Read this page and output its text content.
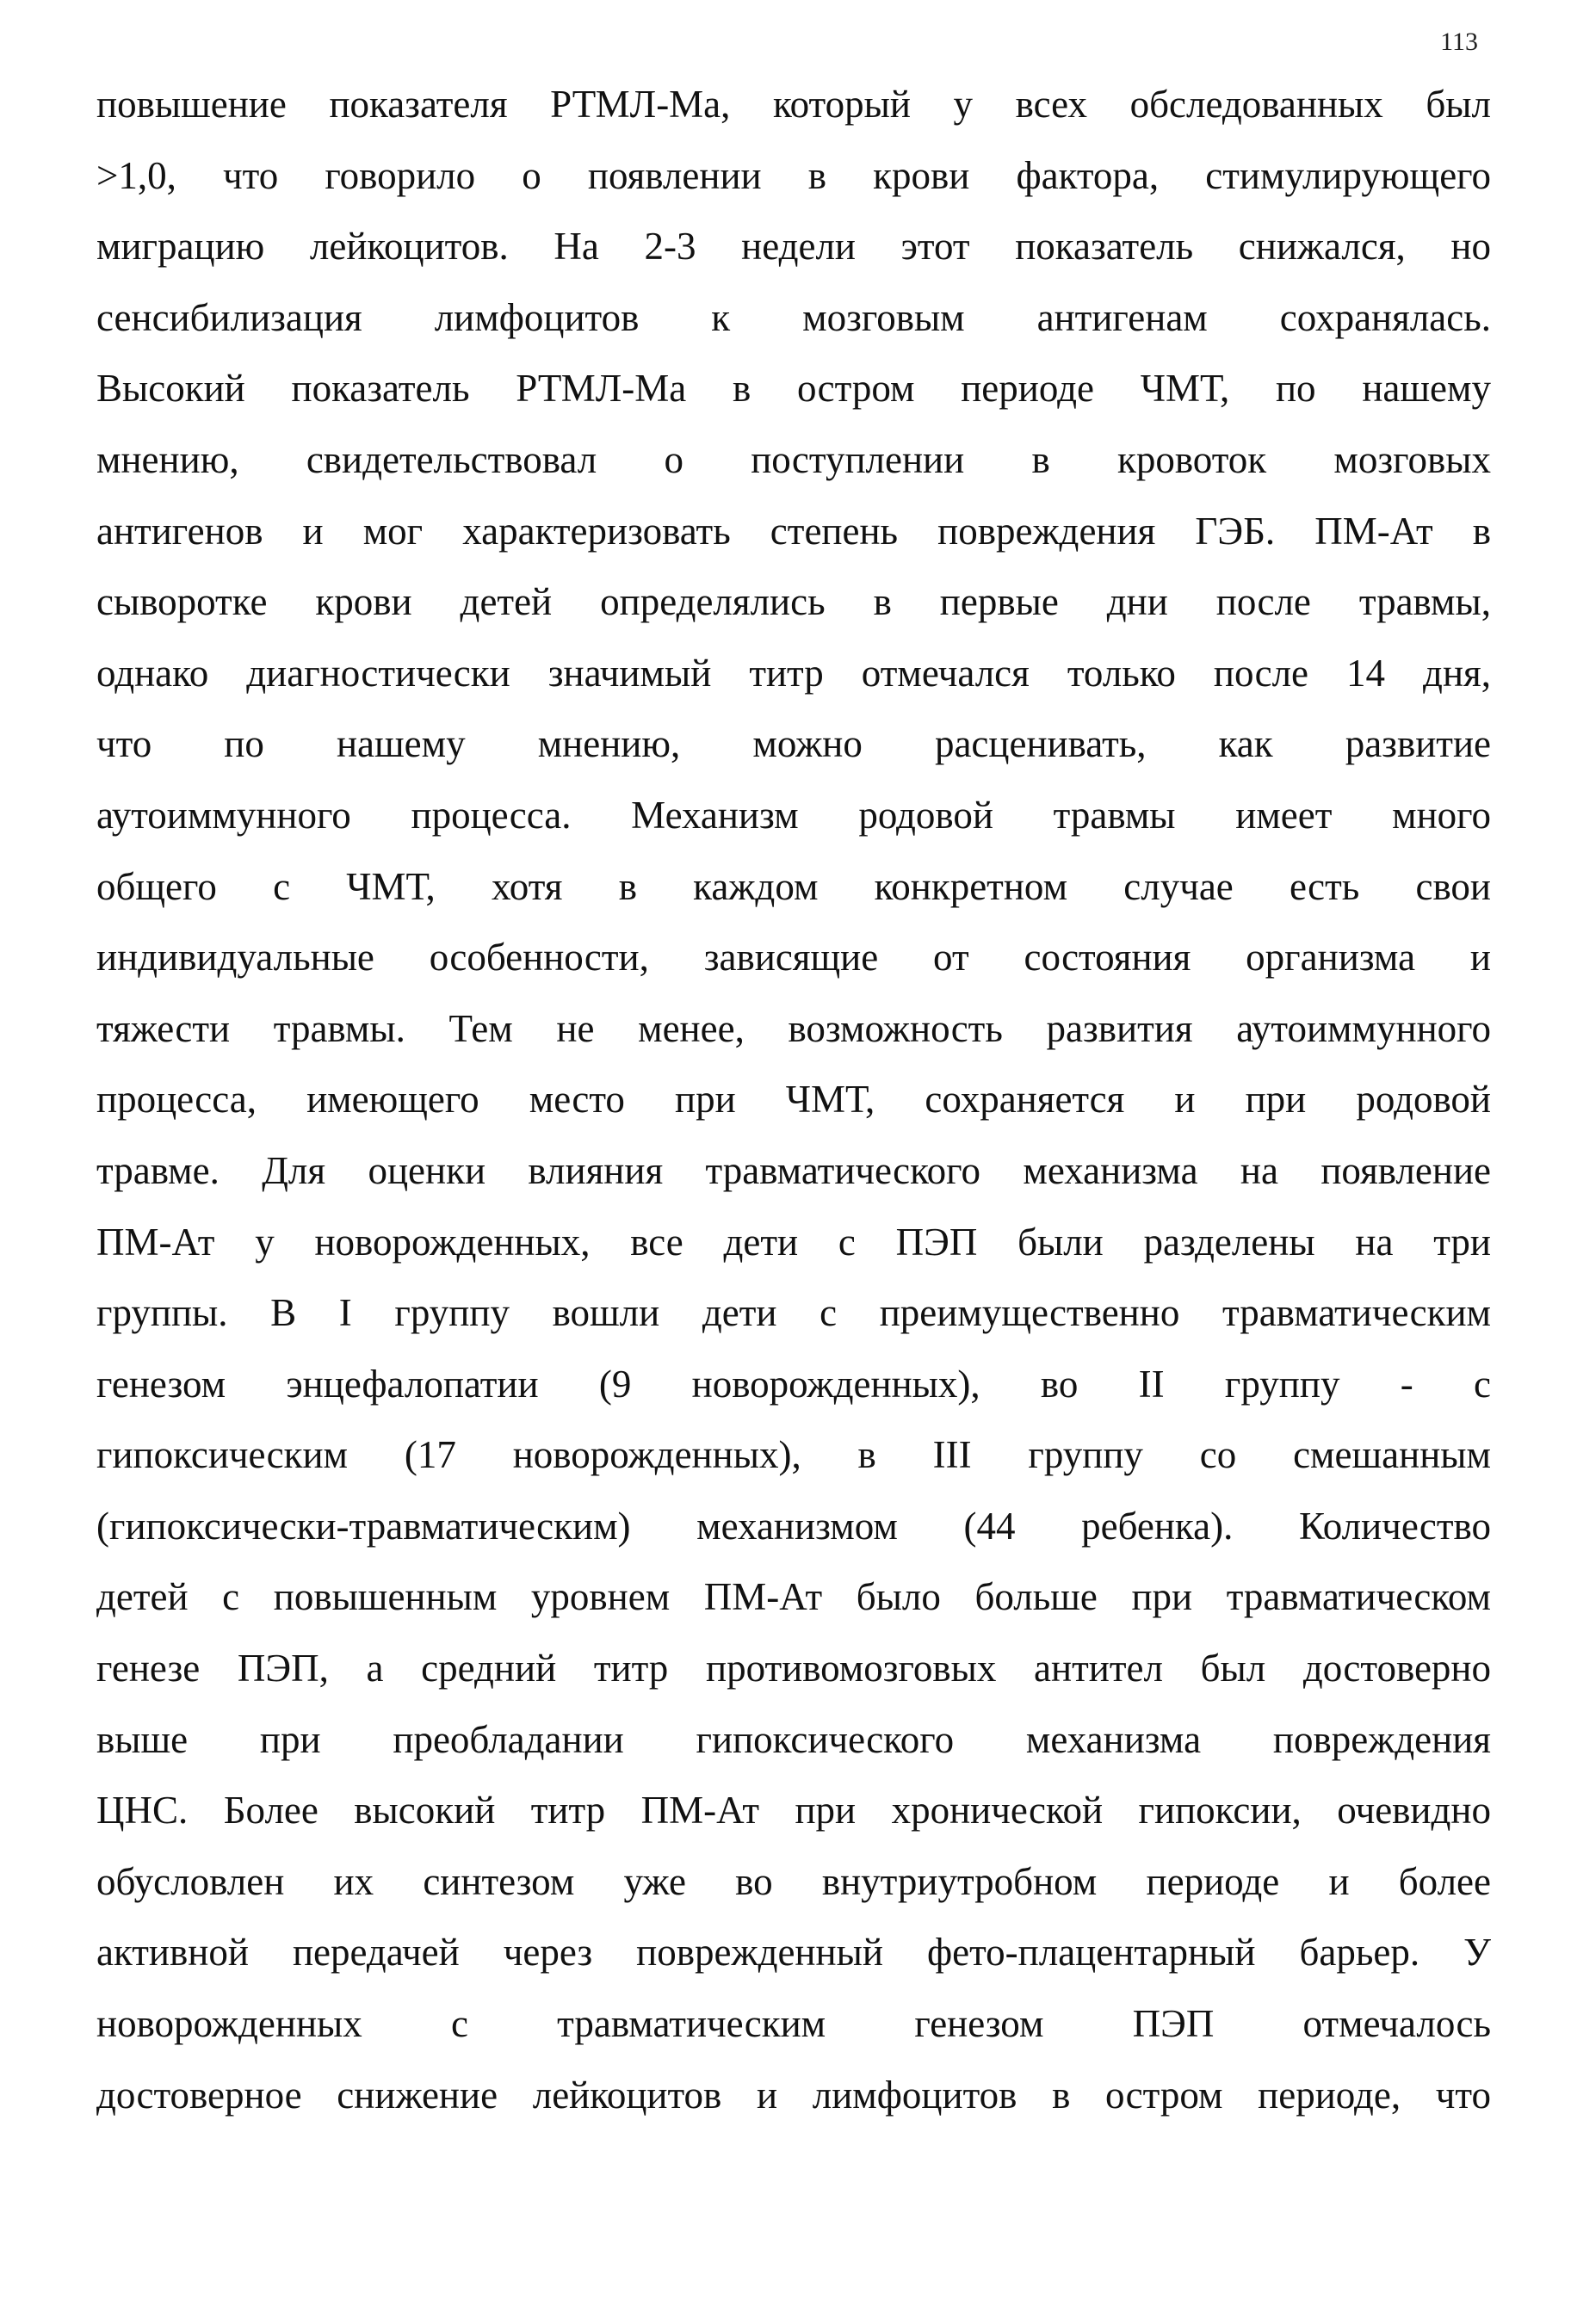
113
повышение показателя РТМЛ-Ма, который у всех обследованных был
>1,0, что говорило о появлении в крови фактора, стимулирующего
миграцию лейкоцитов. На 2-3 недели этот показатель снижался, но
сенсибилизация лимфоцитов к мозговым антигенам сохранялась.
Высокий показатель РТМЛ-Ма в остром периоде ЧМТ, по нашему
мнению, свидетельствовал о поступлении в кровоток мозговых
антигенов и мог характеризовать степень повреждения ГЭБ. ПМ-Ат в
сыворотке крови детей определялись в первые дни после травмы,
однако диагностически значимый титр отмечался только после 14 дня,
что по нашему мнению, можно расценивать, как развитие
аутоиммунного процесса. Механизм родовой травмы имеет много
общего с ЧМТ, хотя в каждом конкретном случае есть свои
индивидуальные особенности, зависящие от состояния организма и
тяжести травмы. Тем не менее, возможность развития аутоиммунного
процесса, имеющего место при ЧМТ, сохраняется и при родовой
травме. Для оценки влияния травматического механизма на появление
ПМ-Ат у новорожденных, все дети с ПЭП были разделены на три
группы. В I группу вошли дети с преимущественно травматическим
генезом энцефалопатии (9 новорожденных), во II группу - с
гипоксическим (17 новорожденных), в III группу со смешанным
(гипоксически-травматическим) механизмом (44 ребенка). Количество
детей с повышенным уровнем ПМ-Ат было больше при травматическом
генезе ПЭП, а средний титр противомозговых антител был достоверно
выше при преобладании гипоксического механизма повреждения
ЦНС. Более высокий титр ПМ-Ат при хронической гипоксии, очевидно
обусловлен их синтезом уже во внутриутробном периоде и более
активной передачей через поврежденный фето-плацентарный барьер. У
новорожденных с травматическим генезом ПЭП отмечалось
достоверное снижение лейкоцитов и лимфоцитов в остром периоде, что
